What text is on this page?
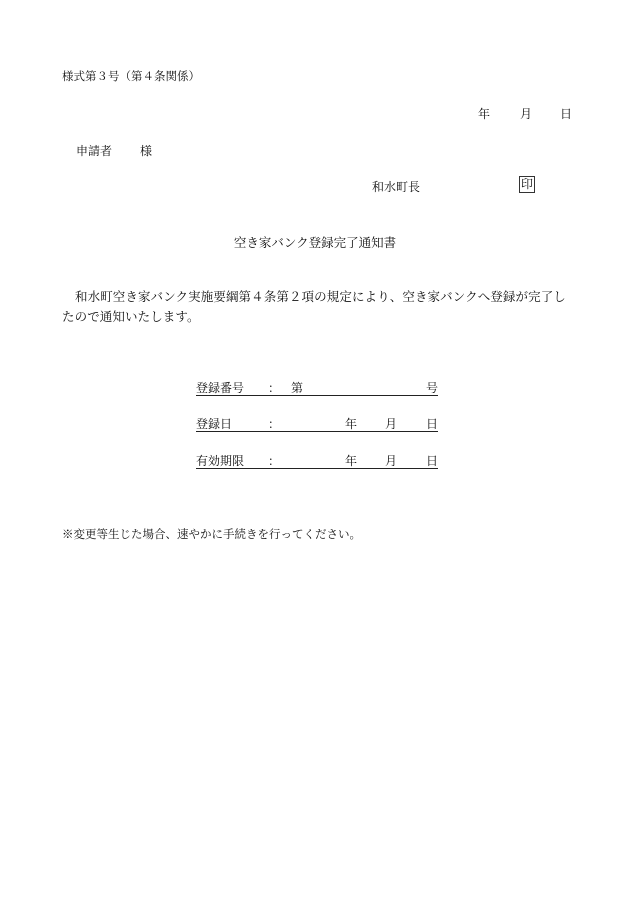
様式第３号（第４条関係）
年 月 日
申請者 様
和水町長	印
空き家バンク登録完了通知書
和水町空き家バンク実施要綱第４条第２項の規定により、空き家バンクへ登録が完了したので通知いたします。
登録番号 ： 第	号
登録日	：	年 月 日
有効期限 ：	年 月 日
※変更等生じた場合、速やかに手続きを行ってください。
